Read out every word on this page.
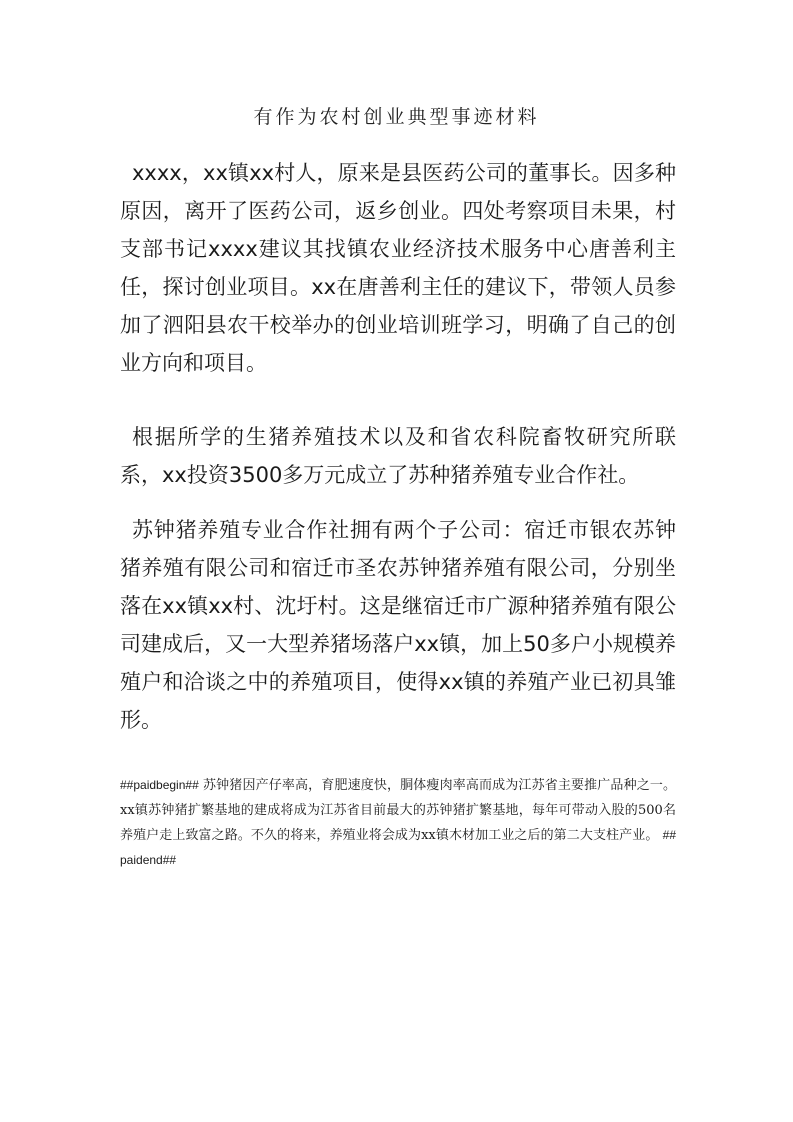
有作为农村创业典型事迹材料

xxxx，xx镇xx村人，原来是县医药公司的董事长。因多种原因，离开了医药公司，返乡创业。四处考察项目未果，村支部书记xxxx建议其找镇农业经济技术服务中心唐善利主任，探讨创业项目。xx在唐善利主任的建议下，带领人员参加了泗阳县农干校举办的创业培训班学习，明确了自己的创业方向和项目。

根据所学的生猪养殖技术以及和省农科院畜牧研究所联系，xx投资3500多万元成立了苏种猪养殖专业合作社。

苏钟猪养殖专业合作社拥有两个子公司：宿迁市银农苏钟猪养殖有限公司和宿迁市圣农苏钟猪养殖有限公司，分别坐落在xx镇xx村、沈圩村。这是继宿迁市广源种猪养殖有限公司建成后，又一大型养猪场落户xx镇，加上50多户小规模养殖户和洽谈之中的养殖项目，使得xx镇的养殖产业已初具雏形。

##paidbegin## 苏钟猪因产仔率高，育肥速度快，胴体瘦肉率高而成为江苏省主要推广品种之一。xx镇苏钟猪扩繁基地的建成将成为江苏省目前最大的苏钟猪扩繁基地，每年可带动入股的500名养殖户走上致富之路。不久的将来，养殖业将会成为xx镇木材加工业之后的第二大支柱产业。 ##paidend##
